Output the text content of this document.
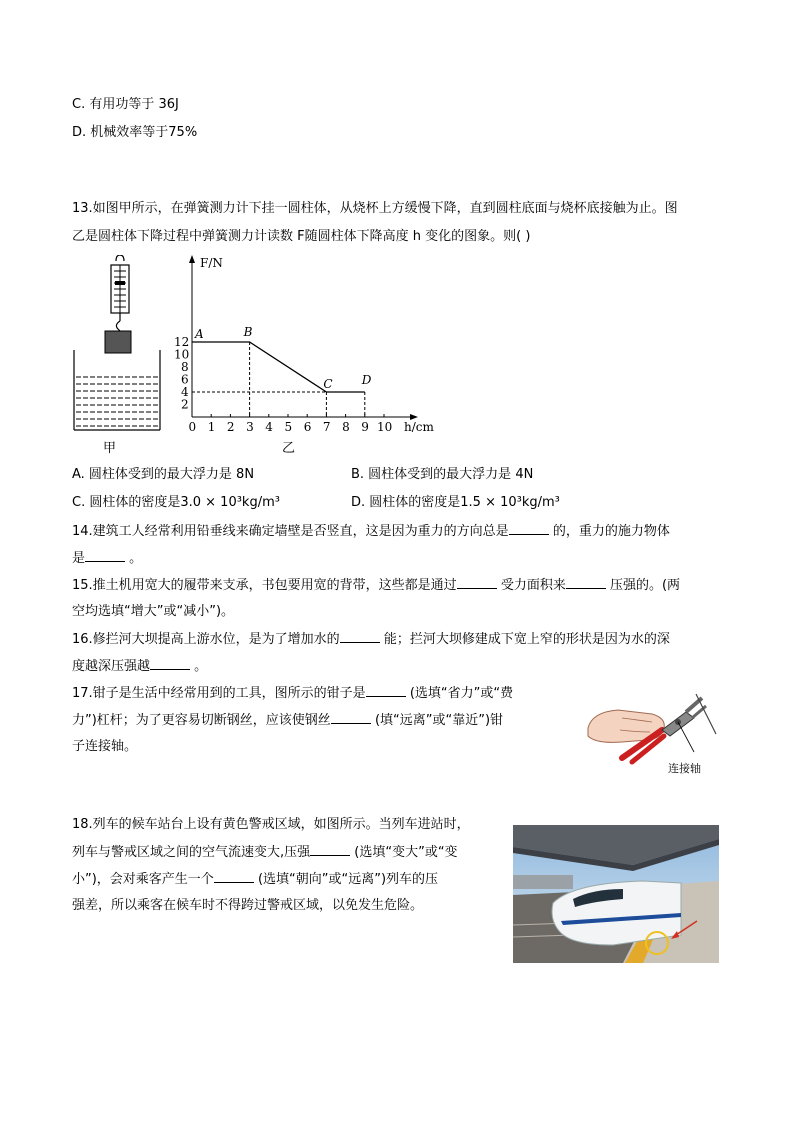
C. 有用功等于 36J
D. 机械效率等于75%
13.如图甲所示，在弹簧测力计下挂一圆柱体，从烧杯上方缓慢下降，直到圆柱底面与烧杯底接触为止。图
乙是圆柱体下降过程中弹簧测力计读数 F随圆柱体下降高度 h 变化的图象。则( )
甲
0 1 2 3 4 5 6 7 8 9 10
2
4
6
8
10
12
F/N
h/cm
A	B
C D
乙
A. 圆柱体受到的最大浮力是 8N	B. 圆柱体受到的最大浮力是 4N
C. 圆柱体的密度是3.0 × 10³kg/m³	D. 圆柱体的密度是1.5 × 10³kg/m³
14.建筑工人经常利用铅垂线来确定墙壁是否竖直，这是因为重力的方向总是	的，重力的施力物体
是	。
15.推土机用宽大的履带来支承，书包要用宽的背带，这些都是通过	受力面积来	压强的。(两
空均选填“增大”或“减小”)。
16.修拦河大坝提高上游水位，是为了增加水的	能；拦河大坝修建成下宽上窄的形状是因为水的深
度越深压强越	。
17.钳子是生活中经常用到的工具，图所示的钳子是	(选填“省力”或“费
力”)杠杆；为了更容易切断钢丝，应该使钢丝	(填“远离”或“靠近”)钳
子连接轴。
连接轴
18.列车的候车站台上设有黄色警戒区域，如图所示。当列车进站时，
列车与警戒区域之间的空气流速变大,压强	(选填“变大”或“变
小”)，会对乘客产生一个	(选填“朝向”或“远离”)列车的压
强差，所以乘客在候车时不得跨过警戒区域，以免发生危险。
